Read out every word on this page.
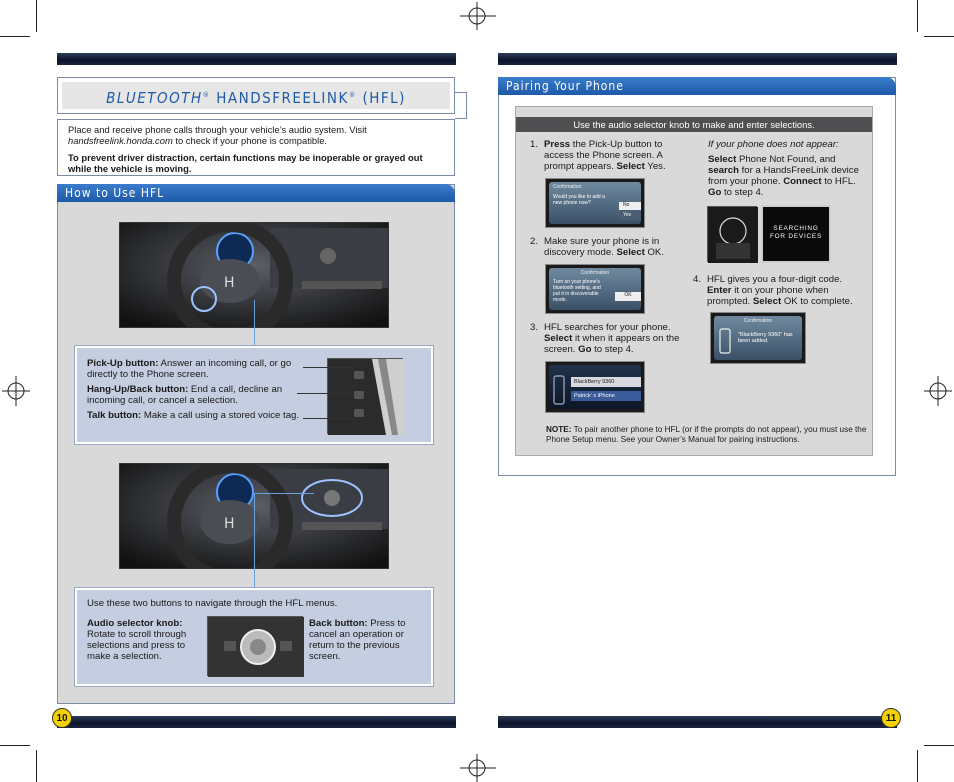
BLUETOOTH® HANDSFREELINK® (HFL)

Place and receive phone calls through your vehicle’s audio system. Visit handsfreelink.honda.com to check if your phone is compatible.

To prevent driver distraction, certain functions may be inoperable or grayed out while the vehicle is moving.

How to Use HFL
H

Pick-Up button: Answer an incoming call, or go directly to the Phone screen.

Hang-Up/Back button: End a call, decline an incoming call, or cancel a selection.

Talk button: Make a call using a stored voice tag.

H

Use these two buttons to navigate through the HFL menus.

Audio selector knob:
Rotate to scroll through selections and press to make a selection.
Back button: Press to cancel an operation or return to the previous screen.
10	11
Pairing Your Phone
Use the audio selector knob to make and enter selections.
1. Press the Pick-Up button to access the Phone screen. A prompt appears. Select Yes.
Confirmation
Would you like to add a new phone now?	No
Yes
2. Make sure your phone is in discovery mode. Select OK.
Confirmation
Turn on your phone's bluetooth setting, and put it in discoverable mode.
OK
3. HFL searches for your phone. Select it when it appears on the screen. Go to step 4.
BlackBerry 9360
Patrick' s iPhone
If your phone does not appear:
Select Phone Not Found, and search for a HandsFreeLink device from your phone. Connect to HFL. Go to step 4.
SEARCHING
FOR DEVICES
4. HFL gives you a four-digit code. Enter it on your phone when prompted. Select OK to complete.
Confirmation
"BlackBerry 9360" has been added.
NOTE: To pair another phone to HFL (or if the prompts do not appear), you must use the Phone Setup menu. See your Owner’s Manual for pairing instructions.
